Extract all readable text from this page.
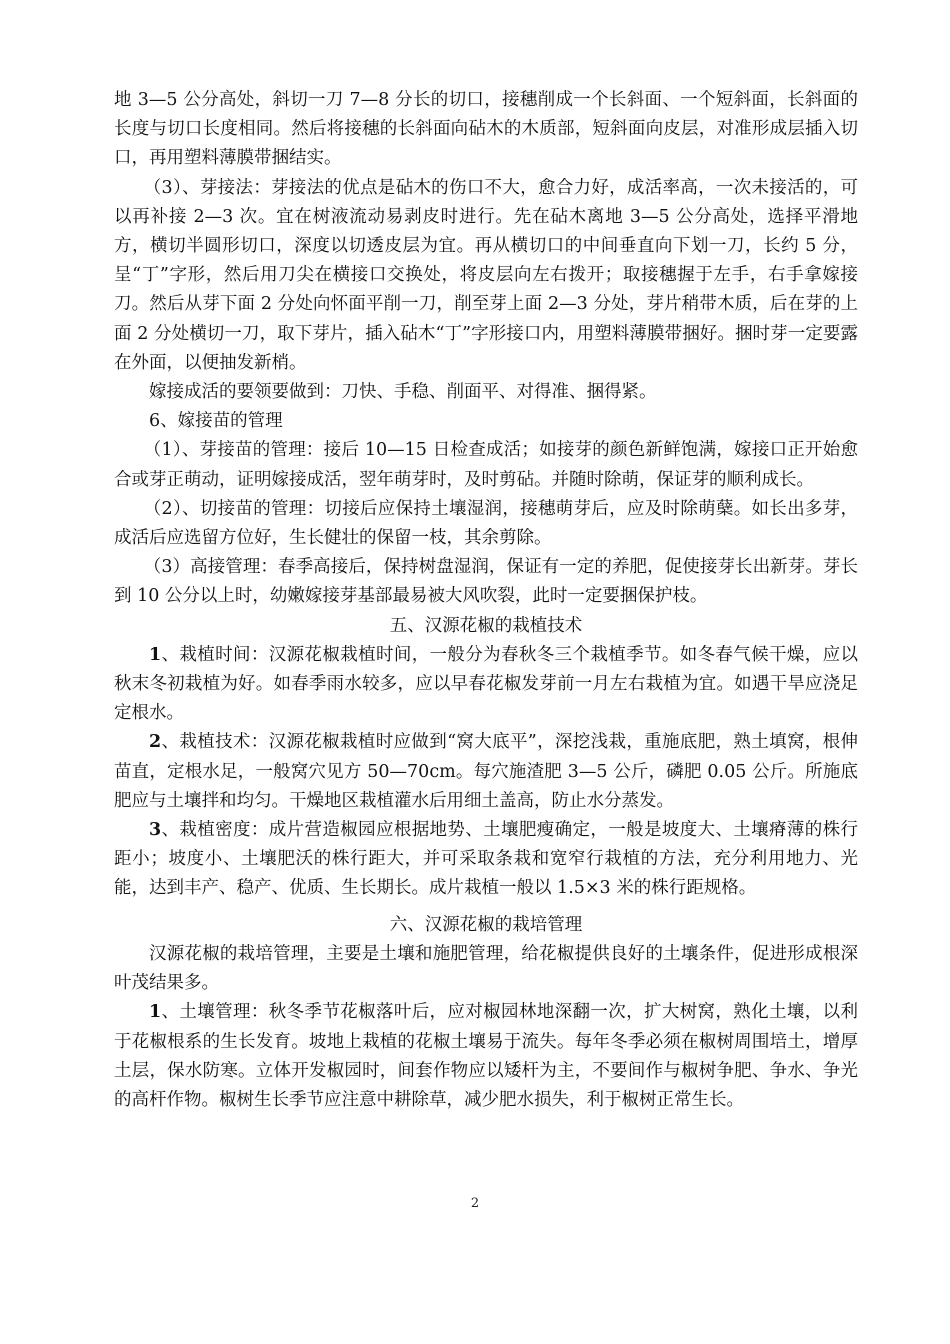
地 3—5 公分高处，斜切一刀 7—8 分长的切口，接穗削成一个长斜面、一个短斜面，长斜面的长度与切口长度相同。然后将接穗的长斜面向砧木的木质部，短斜面向皮层，对准形成层插入切口，再用塑料薄膜带捆结实。

（3）、芽接法：芽接法的优点是砧木的伤口不大，愈合力好，成活率高，一次未接活的，可以再补接 2—3 次。宜在树液流动易剥皮时进行。先在砧木离地 3—5 公分高处，选择平滑地方，横切半圆形切口，深度以切透皮层为宜。再从横切口的中间垂直向下划一刀，长约 5 分，呈“丁”字形，然后用刀尖在横接口交换处，将皮层向左右拨开；取接穗握于左手，右手拿嫁接刀。然后从芽下面 2 分处向怀面平削一刀，削至芽上面 2—3 分处，芽片稍带木质，后在芽的上面 2 分处横切一刀，取下芽片，插入砧木“丁”字形接口内，用塑料薄膜带捆好。捆时芽一定要露在外面，以便抽发新梢。

嫁接成活的要领要做到：刀快、手稳、削面平、对得准、捆得紧。

6、嫁接苗的管理

（1）、芽接苗的管理：接后 10—15 日检查成活；如接芽的颜色新鲜饱满，嫁接口正开始愈合或芽正萌动，证明嫁接成活，翌年萌芽时，及时剪砧。并随时除萌，保证芽的顺利成长。

（2）、切接苗的管理：切接后应保持土壤湿润，接穗萌芽后，应及时除萌蘖。如长出多芽，成活后应选留方位好，生长健壮的保留一枝，其余剪除。

（3）高接管理：春季高接后，保持树盘湿润，保证有一定的养肥，促使接芽长出新芽。芽长到 10 公分以上时，幼嫩嫁接芽基部最易被大风吹裂，此时一定要捆保护枝。

五、汉源花椒的栽植技术

1、栽植时间：汉源花椒栽植时间，一般分为春秋冬三个栽植季节。如冬春气候干燥，应以秋末冬初栽植为好。如春季雨水较多，应以早春花椒发芽前一月左右栽植为宜。如遇干旱应浇足定根水。

2、栽植技术：汉源花椒栽植时应做到“窝大底平”，深挖浅栽，重施底肥，熟土填窝，根伸苗直，定根水足，一般窝穴见方 50—70cm。每穴施渣肥 3—5 公斤，磷肥 0.05 公斤。所施底肥应与土壤拌和均匀。干燥地区栽植灌水后用细土盖高，防止水分蒸发。

3、栽植密度：成片营造椒园应根据地势、土壤肥瘦确定，一般是坡度大、土壤瘠薄的株行距小；坡度小、土壤肥沃的株行距大，并可采取条栽和宽窄行栽植的方法，充分利用地力、光能，达到丰产、稳产、优质、生长期长。成片栽植一般以 1.5×3 米的株行距规格。

六、汉源花椒的栽培管理

汉源花椒的栽培管理，主要是土壤和施肥管理，给花椒提供良好的土壤条件，促进形成根深叶茂结果多。

1、土壤管理：秋冬季节花椒落叶后，应对椒园林地深翻一次，扩大树窝，熟化土壤，以利于花椒根系的生长发育。坡地上栽植的花椒土壤易于流失。每年冬季必须在椒树周围培土，增厚土层，保水防寒。立体开发椒园时，间套作物应以矮杆为主，不要间作与椒树争肥、争水、争光的高杆作物。椒树生长季节应注意中耕除草，减少肥水损失，利于椒树正常生长。

2
